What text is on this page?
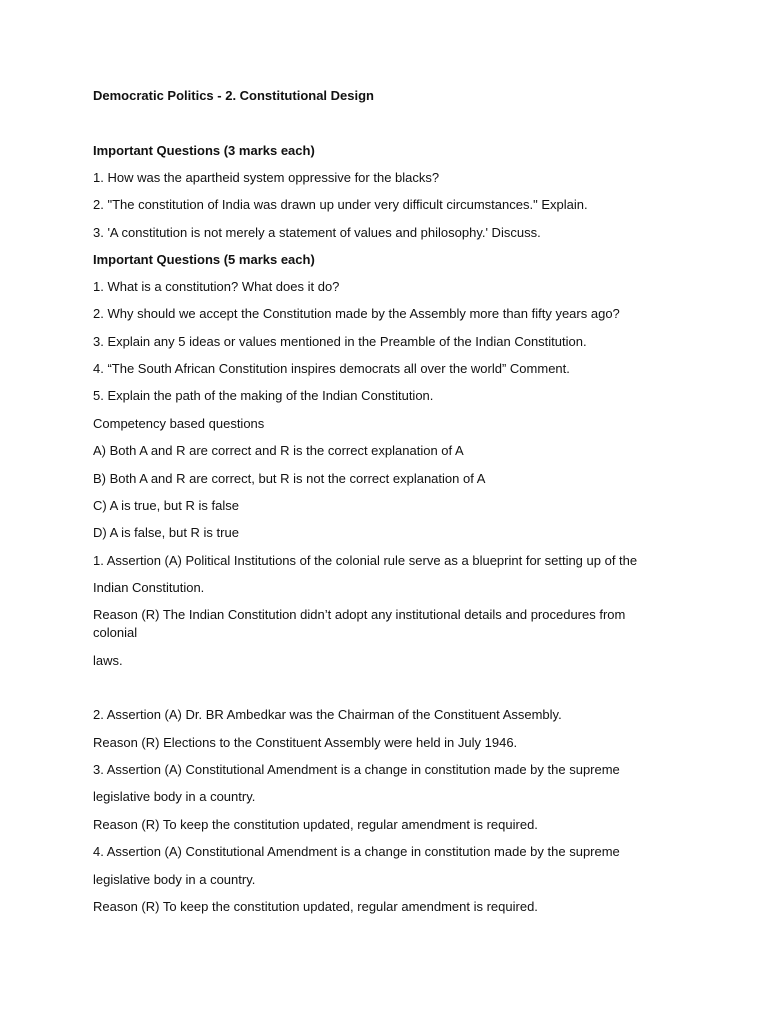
Democratic Politics - 2. Constitutional Design
Important Questions (3 marks each)
1. How was the apartheid system oppressive for the blacks?
2. "The constitution of India was drawn up under very difficult circumstances." Explain.
3. 'A constitution is not merely a statement of values and philosophy.' Discuss.
Important Questions (5 marks each)
1. What is a constitution? What does it do?
2. Why should we accept the Constitution made by the Assembly more than fifty years ago?
3. Explain any 5 ideas or values mentioned in the Preamble of the Indian Constitution.
4. “The South African Constitution inspires democrats all over the world” Comment.
5. Explain the path of the making of the Indian Constitution.
Competency based questions
A) Both A and R are correct and R is the correct explanation of A
B) Both A and R are correct, but R is not the correct explanation of A
C) A is true, but R is false
D) A is false, but R is true
1. Assertion (A) Political Institutions of the colonial rule serve as a blueprint for setting up of the
Indian Constitution.
Reason (R) The Indian Constitution didn’t adopt any institutional details and procedures from
colonial
laws.
2. Assertion (A) Dr. BR Ambedkar was the Chairman of the Constituent Assembly.
Reason (R) Elections to the Constituent Assembly were held in July 1946.
3. Assertion (A) Constitutional Amendment is a change in constitution made by the supreme
legislative body in a country.
Reason (R) To keep the constitution updated, regular amendment is required.
4. Assertion (A) Constitutional Amendment is a change in constitution made by the supreme
legislative body in a country.
Reason (R) To keep the constitution updated, regular amendment is required.
